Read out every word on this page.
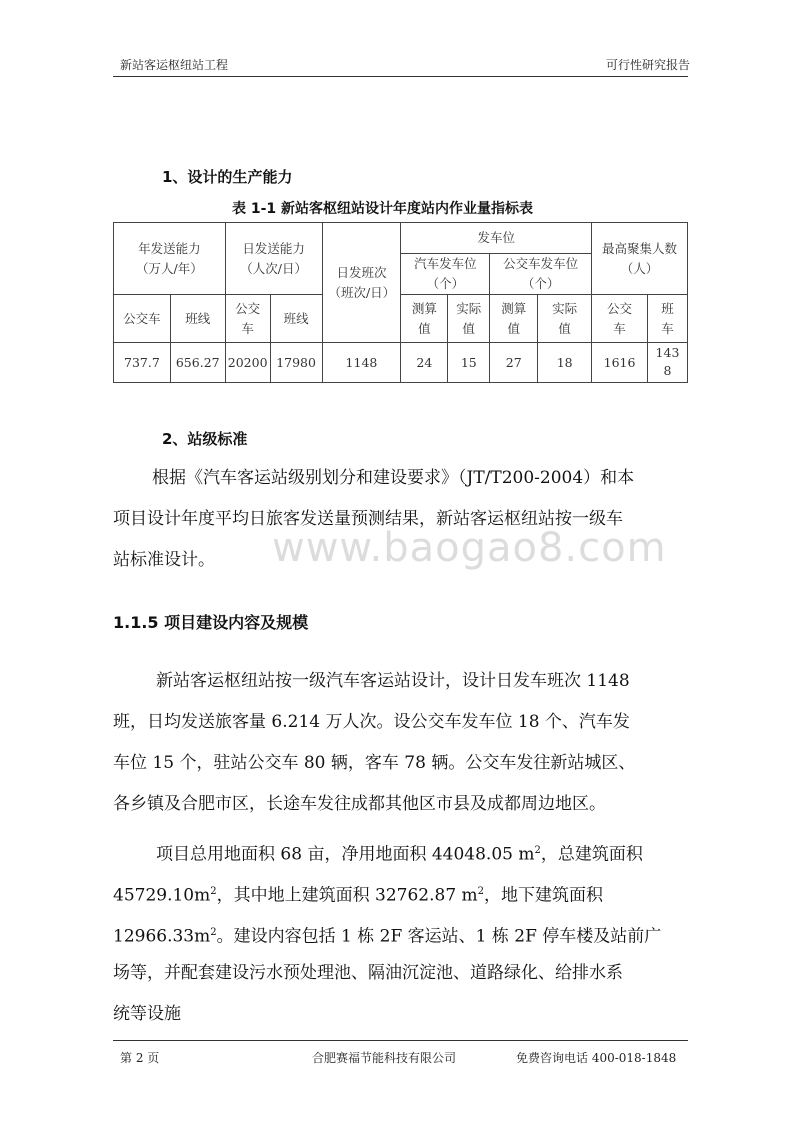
新站客运枢纽站工程	可行性研究报告
1、设计的生产能力
表 1-1 新站客枢纽站设计年度站内作业量指标表
年发送能力（万人/年）		日发送能力（人次/日）		日发班次（班次/日）	发车位				最高聚集人数（人）	
					汽车发车位（个）		公交车发车位（个）			
公交车	班线	公交车	班线		测算值	实际值	测算值	实际值	公交车	班车
737.7	656.27	20200	17980	1148	24	15	27	18	1616	1438
2、站级标准
根据《汽车客运站级别划分和建设要求》（JT/T200-2004）和本
项目设计年度平均日旅客发送量预测结果，新站客运枢纽站按一级车
站标准设计。	www.baogao8.com
1.1.5 项目建设内容及规模
新站客运枢纽站按一级汽车客运站设计，设计日发车班次 1148
班，日均发送旅客量 6.214 万人次。设公交车发车位 18 个、汽车发
车位 15 个，驻站公交车 80 辆，客车 78 辆。公交车发往新站城区、
各乡镇及合肥市区，长途车发往成都其他区市县及成都周边地区。
项目总用地面积 68 亩，净用地面积 44048.05 $m^2$，总建筑面积
$45729.10m^2$，其中地上建筑面积 32762.87 $m^2$，地下建筑面积
$12966.33m^2$。建设内容包括 1 栋 2F 客运站、1 栋 2F 停车楼及站前广
场等，并配套建设污水预处理池、隔油沉淀池、道路绿化、给排水系
统等设施
第 2 页	合肥赛福节能科技有限公司	免费咨询电话 400-018-1848
